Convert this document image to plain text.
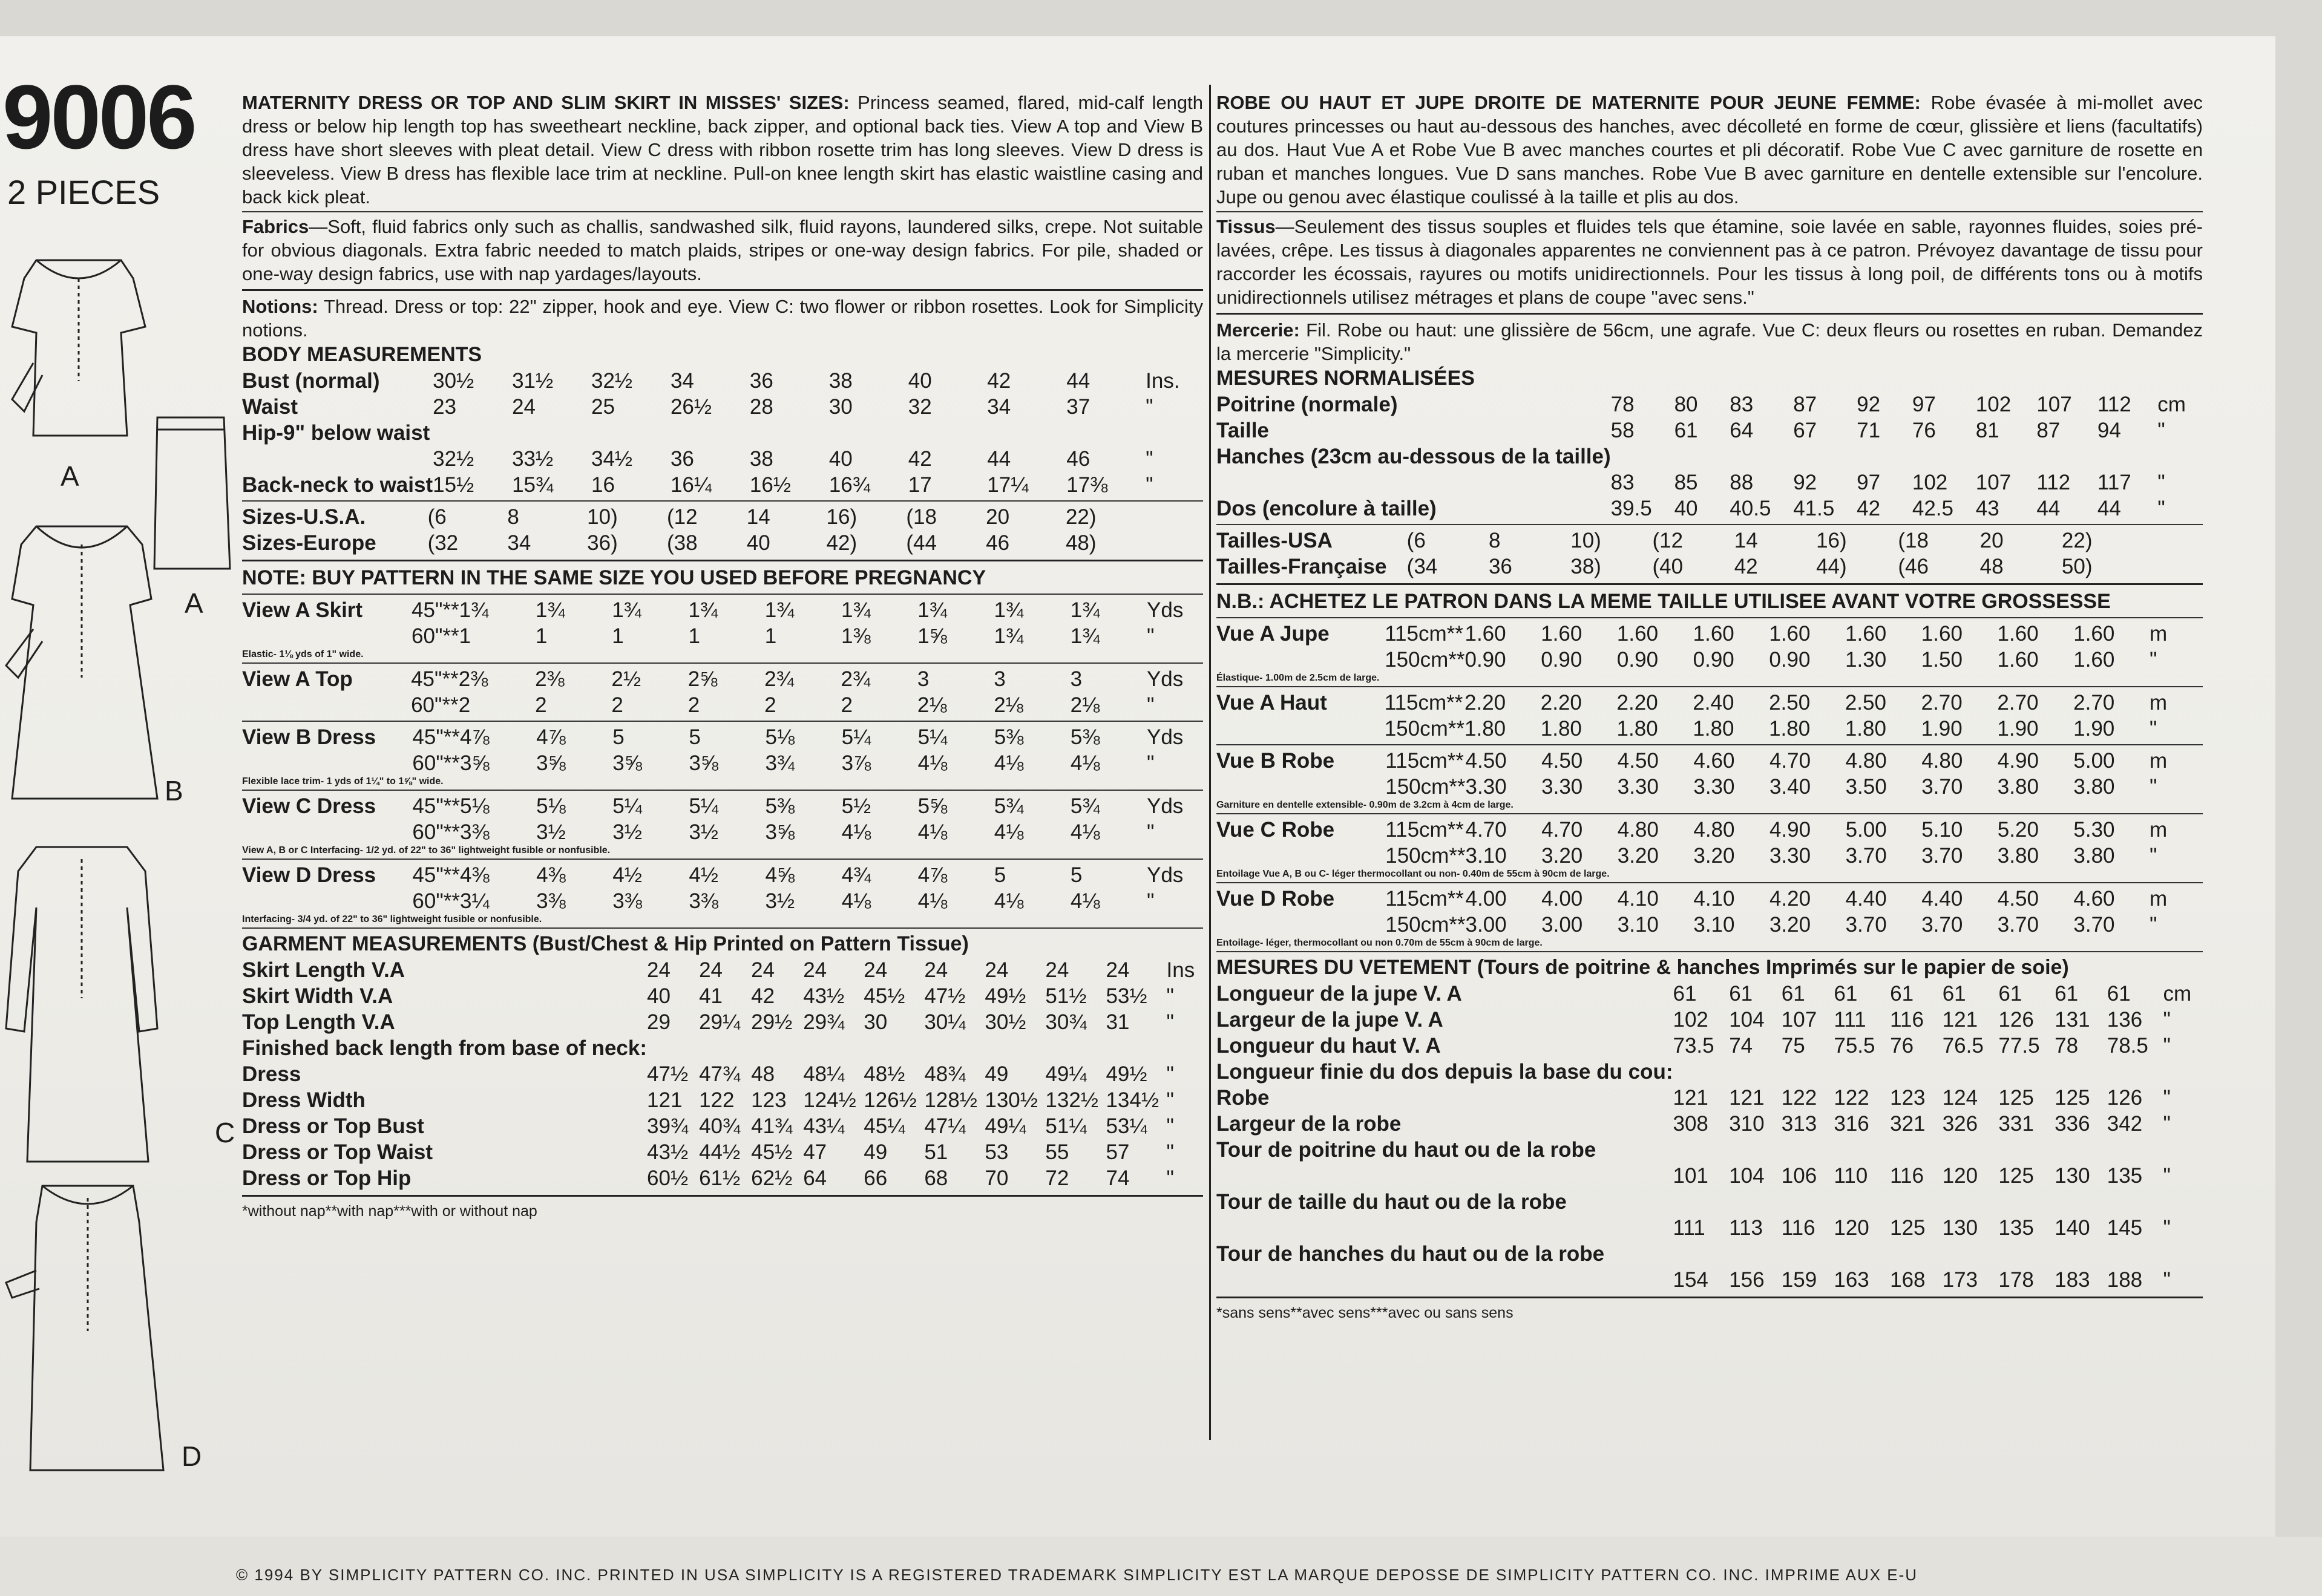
9006
2 PIECES
A
A
B
C
D

MATERNITY DRESS OR TOP AND SLIM SKIRT IN MISSES' SIZES: Princess seamed, flared, mid-calf length dress or below hip length top has sweetheart neckline, back zipper, and optional back ties. View A top and View B dress have short sleeves with pleat detail. View C dress with ribbon rosette trim has long sleeves. View D dress is sleeveless. View B dress has flexible lace trim at neckline. Pull-on knee length skirt has elastic waistline casing and back kick pleat.

Fabrics—Soft, fluid fabrics only such as challis, sandwashed silk, fluid rayons, laundered silks, crepe. Not suitable for obvious diagonals. Extra fabric needed to match plaids, stripes or one-way design fabrics. For pile, shaded or one-way design fabrics, use with nap yardages/layouts.

Notions: Thread. Dress or top: 22" zipper, hook and eye. View C: two flower or ribbon rosettes. Look for Simplicity notions.

BODY MEASUREMENTS
Bust (normal)		30½	31½	32½	34	36	38	40	42	44	Ins.
Waist		23	24	25	26½	28	30	32	34	37	"
Hip-9" below waist											
		32½	33½	34½	36	38	40	42	44	46	"
Back-neck to waist		15½	15¾	16	16¼	16½	16¾	17	17¼	17⅜	"
Sizes-U.S.A.		(6	8	10)	(12	14	16)	(18	20	22)	
Sizes-Europe		(32	34	36)	(38	40	42)	(44	46	48)	
NOTE: BUY PATTERN IN THE SAME SIZE YOU USED BEFORE PREGNANCY
View A Skirt	45"**	1¾	1¾	1¾	1¾	1¾	1¾	1¾	1¾	1¾	Yds
	60"**	1	1	1	1	1	1⅜	1⅝	1¾	1¾	"
Elastic- 1⅛ yds of 1" wide.
View A Top	45"**	2⅜	2⅜	2½	2⅝	2¾	2¾	3	3	3	Yds
	60"**	2	2	2	2	2	2	2⅛	2⅛	2⅛	"
View B Dress	45"**	4⅞	4⅞	5	5	5⅛	5¼	5¼	5⅜	5⅜	Yds
	60"**	3⅝	3⅝	3⅝	3⅝	3¾	3⅞	4⅛	4⅛	4⅛	"
Flexible lace trim- 1 yds of 1¼" to 1⅝" wide.
View C Dress	45"**	5⅛	5⅛	5¼	5¼	5⅜	5½	5⅝	5¾	5¾	Yds
	60"**	3⅜	3½	3½	3½	3⅝	4⅛	4⅛	4⅛	4⅛	"
View A, B or C Interfacing- 1/2 yd. of 22" to 36" lightweight fusible or nonfusible.
View D Dress	45"**	4⅜	4⅜	4½	4½	4⅝	4¾	4⅞	5	5	Yds
	60"**	3¼	3⅜	3⅜	3⅜	3½	4⅛	4⅛	4⅛	4⅛	"
Interfacing- 3/4 yd. of 22" to 36" lightweight fusible or nonfusible.
GARMENT MEASUREMENTS (Bust/Chest & Hip Printed on Pattern Tissue)
Skirt Length V.A		24	24	24	24	24	24	24	24	24	Ins
Skirt Width V.A		40	41	42	43½	45½	47½	49½	51½	53½	"
Top Length V.A		29	29¼	29½	29¾	30	30¼	30½	30¾	31	"
Finished back length from base of neck:											
Dress		47½	47¾	48	48¼	48½	48¾	49	49¼	49½	"
Dress Width		121	122	123	124½	126½	128½	130½	132½	134½	"
Dress or Top Bust		39¾	40¾	41¾	43¼	45¼	47¼	49¼	51¼	53¼	"
Dress or Top Waist		43½	44½	45½	47	49	51	53	55	57	"
Dress or Top Hip		60½	61½	62½	64	66	68	70	72	74	"
*without nap**with nap***with or without nap

ROBE OU HAUT ET JUPE DROITE DE MATERNITE POUR JEUNE FEMME: Robe évasée à mi-mollet avec coutures princesses ou haut au-dessous des hanches, avec décolleté en forme de cœur, glissière et liens (facultatifs) au dos. Haut Vue A et Robe Vue B avec manches courtes et pli décoratif. Robe Vue C avec garniture de rosette en ruban et manches longues. Vue D sans manches. Robe Vue B avec garniture en dentelle extensible sur l'encolure. Jupe ou genou avec élastique coulissé à la taille et plis au dos.

Tissus—Seulement des tissus souples et fluides tels que étamine, soie lavée en sable, rayonnes fluides, soies pré-lavées, crêpe. Les tissus à diagonales apparentes ne conviennent pas à ce patron. Prévoyez davantage de tissu pour raccorder les écossais, rayures ou motifs unidirectionnels. Pour les tissus à long poil, de différents tons ou à motifs unidirectionnels utilisez métrages et plans de coupe "avec sens."

Mercerie: Fil. Robe ou haut: une glissière de 56cm, une agrafe. Vue C: deux fleurs ou rosettes en ruban. Demandez la mercerie "Simplicity."

MESURES NORMALISÉES
Poitrine (normale)		78	80	83	87	92	97	102	107	112	cm
Taille		58	61	64	67	71	76	81	87	94	"
Hanches (23cm au-dessous de la taille)											
		83	85	88	92	97	102	107	112	117	"
Dos (encolure à taille)		39.5	40	40.5	41.5	42	42.5	43	44	44	"
Tailles-USA		(6	8	10)	(12	14	16)	(18	20	22)	
Tailles-Française		(34	36	38)	(40	42	44)	(46	48	50)	
N.B.: ACHETEZ LE PATRON DANS LA MEME TAILLE UTILISEE AVANT VOTRE GROSSESSE
Vue A Jupe	115cm**	1.60	1.60	1.60	1.60	1.60	1.60	1.60	1.60	1.60	m
	150cm**	0.90	0.90	0.90	0.90	0.90	1.30	1.50	1.60	1.60	"
Élastique- 1.00m de 2.5cm de large.
Vue A Haut	115cm**	2.20	2.20	2.20	2.40	2.50	2.50	2.70	2.70	2.70	m
	150cm**	1.80	1.80	1.80	1.80	1.80	1.80	1.90	1.90	1.90	"
Vue B Robe	115cm**	4.50	4.50	4.50	4.60	4.70	4.80	4.80	4.90	5.00	m
	150cm**	3.30	3.30	3.30	3.30	3.40	3.50	3.70	3.80	3.80	"
Garniture en dentelle extensible- 0.90m de 3.2cm à 4cm de large.
Vue C Robe	115cm**	4.70	4.70	4.80	4.80	4.90	5.00	5.10	5.20	5.30	m
	150cm**	3.10	3.20	3.20	3.20	3.30	3.70	3.70	3.80	3.80	"
Entoilage Vue A, B ou C- léger thermocollant ou non- 0.40m de 55cm à 90cm de large.
Vue D Robe	115cm**	4.00	4.00	4.10	4.10	4.20	4.40	4.40	4.50	4.60	m
	150cm**	3.00	3.00	3.10	3.10	3.20	3.70	3.70	3.70	3.70	"
Entoilage- léger, thermocollant ou non 0.70m de 55cm à 90cm de large.
MESURES DU VETEMENT (Tours de poitrine & hanches Imprimés sur le papier de soie)
Longueur de la jupe V. A		61	61	61	61	61	61	61	61	61	cm
Largeur de la jupe V. A		102	104	107	111	116	121	126	131	136	"
Longueur du haut V. A		73.5	74	75	75.5	76	76.5	77.5	78	78.5	"
Longueur finie du dos depuis la base du cou:											
Robe		121	121	122	122	123	124	125	125	126	"
Largeur de la robe		308	310	313	316	321	326	331	336	342	"
Tour de poitrine du haut ou de la robe											
		101	104	106	110	116	120	125	130	135	"
Tour de taille du haut ou de la robe											
		111	113	116	120	125	130	135	140	145	"
Tour de hanches du haut ou de la robe											
		154	156	159	163	168	173	178	183	188	"
*sans sens**avec sens***avec ou sans sens
© 1994 BY SIMPLICITY PATTERN CO. INC. PRINTED IN USA SIMPLICITY IS A REGISTERED TRADEMARK SIMPLICITY EST LA MARQUE DEPOSSE DE SIMPLICITY PATTERN CO. INC. IMPRIME AUX E-U
